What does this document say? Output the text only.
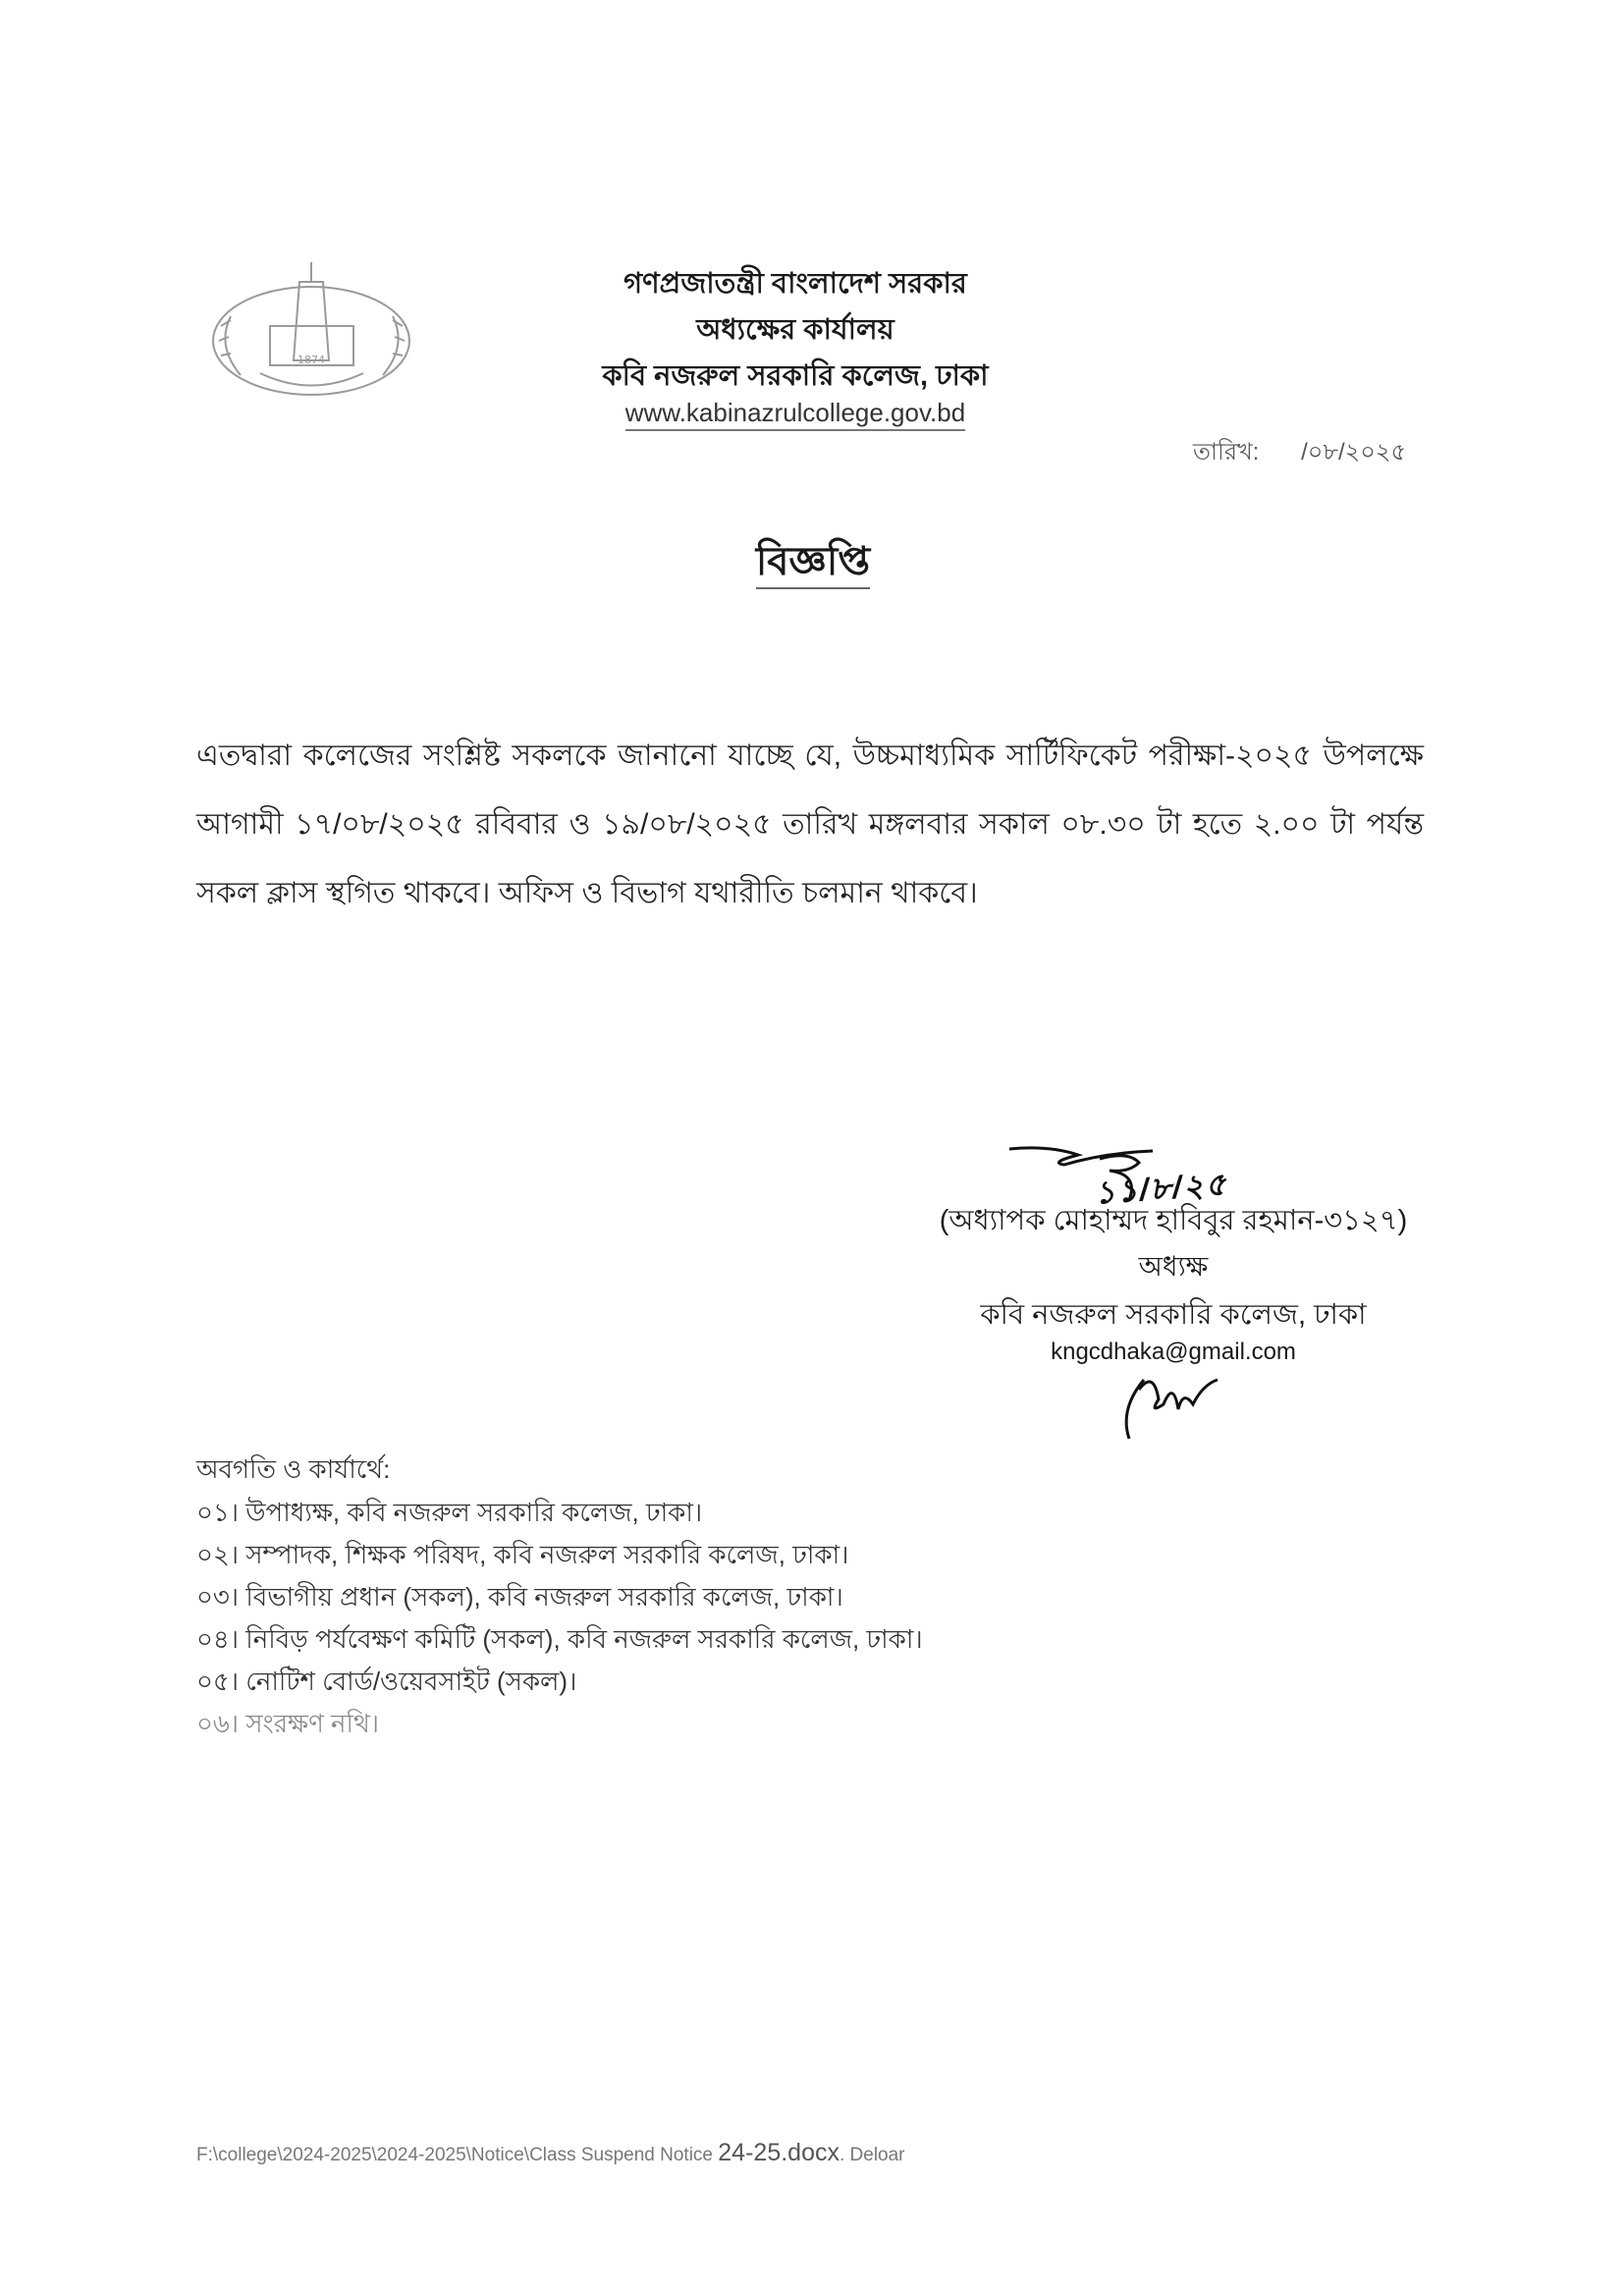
1874
গণপ্রজাতন্ত্রী বাংলাদেশ সরকার
অধ্যক্ষের কার্যালয়
কবি নজরুল সরকারি কলেজ, ঢাকা
www.kabinazrulcollege.gov.bd
তারিখ: /০৮/২০২৫
বিজ্ঞপ্তি
এতদ্বারা কলেজের সংশ্লিষ্ট সকলকে জানানো যাচ্ছে যে, উচ্চমাধ্যমিক সার্টিফিকেট পরীক্ষা-২০২৫ উপলক্ষে
আগামী ১৭/০৮/২০২৫ রবিবার ও ১৯/০৮/২০২৫ তারিখ মঙ্গলবার সকাল ০৮.৩০ টা হতে ২.০০ টা পর্যন্ত
সকল ক্লাস স্থগিত থাকবে। অফিস ও বিভাগ যথারীতি চলমান থাকবে।
১১/৮/২৫
(অধ্যাপক মোহাম্মদ হাবিবুর রহমান-৩১২৭)
অধ্যক্ষ
কবি নজরুল সরকারি কলেজ, ঢাকা
kngcdhaka@gmail.com
অবগতি ও কার্যার্থে:
০১। উপাধ্যক্ষ, কবি নজরুল সরকারি কলেজ, ঢাকা।
০২। সম্পাদক, শিক্ষক পরিষদ, কবি নজরুল সরকারি কলেজ, ঢাকা।
০৩। বিভাগীয় প্রধান (সকল), কবি নজরুল সরকারি কলেজ, ঢাকা।
০৪। নিবিড় পর্যবেক্ষণ কমিটি (সকল), কবি নজরুল সরকারি কলেজ, ঢাকা।
০৫। নোটিশ বোর্ড/ওয়েবসাইট (সকল)।
০৬। সংরক্ষণ নথি।
F:\college\2024-2025\2024-2025\Notice\Class Suspend Notice 24-25.docx. Deloar
